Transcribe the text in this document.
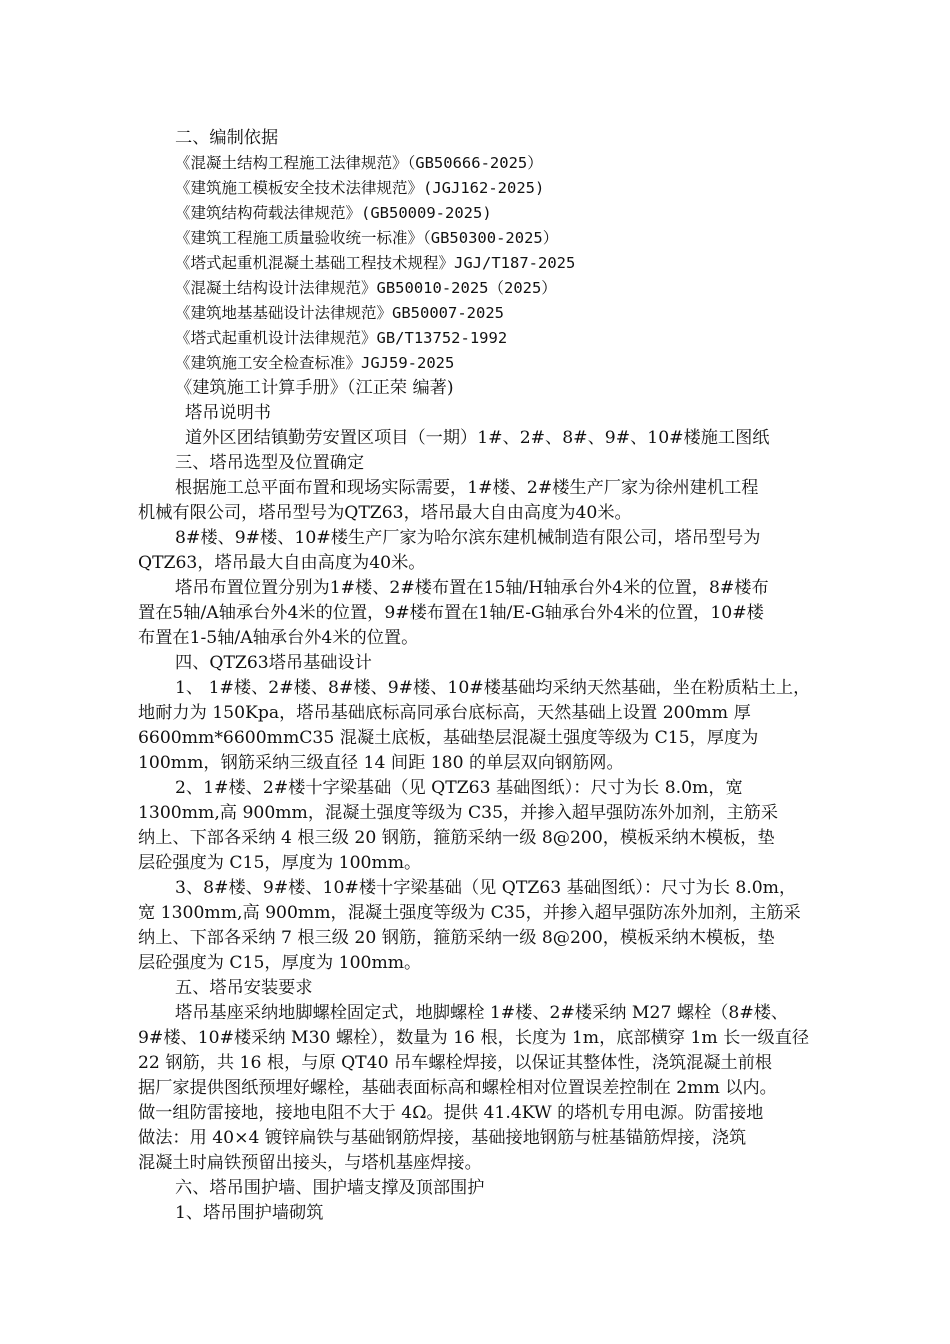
二、编制依据
《混凝土结构工程施工法律规范》（GB50666-2025）
《建筑施工模板安全技术法律规范》(JGJ162-2025)
《建筑结构荷载法律规范》(GB50009-2025)
《建筑工程施工质量验收统一标准》（GB50300-2025）
《塔式起重机混凝土基础工程技术规程》JGJ/T187-2025
《混凝土结构设计法律规范》GB50010-2025（2025）
《建筑地基基础设计法律规范》GB50007-2025
《塔式起重机设计法律规范》GB/T13752-1992
《建筑施工安全检查标准》JGJ59-2025
《建筑施工计算手册》（江正荣 编著)
塔吊说明书
道外区团结镇勤劳安置区项目（一期）1#、2#、8#、9#、10#楼施工图纸
三、塔吊选型及位置确定
根据施工总平面布置和现场实际需要，1#楼、2#楼生产厂家为徐州建机工程
机械有限公司，塔吊型号为QTZ63，塔吊最大自由高度为40米。
8#楼、9#楼、10#楼生产厂家为哈尔滨东建机械制造有限公司，塔吊型号为
QTZ63，塔吊最大自由高度为40米。
塔吊布置位置分别为1#楼、2#楼布置在15轴/H轴承台外4米的位置，8#楼布
置在5轴/A轴承台外4米的位置，9#楼布置在1轴/E-G轴承台外4米的位置，10#楼
布置在1-5轴/A轴承台外4米的位置。
四、QTZ63塔吊基础设计
1、 1#楼、2#楼、8#楼、9#楼、10#楼基础均采纳天然基础，坐在粉质粘土上，
地耐力为 150Kpa，塔吊基础底标高同承台底标高，天然基础上设置 200mm 厚
6600mm*6600mmC35 混凝土底板，基础垫层混凝土强度等级为 C15，厚度为
100mm，钢筋采纳三级直径 14 间距 180 的单层双向钢筋网。
2、1#楼、2#楼十字梁基础（见 QTZ63 基础图纸）：尺寸为长 8.0m，宽
1300mm,高 900mm，混凝土强度等级为 C35，并掺入超早强防冻外加剂，主筋采
纳上、下部各采纳 4 根三级 20 钢筋，箍筋采纳一级 8@200，模板采纳木模板，垫
层砼强度为 C15，厚度为 100mm。
3、8#楼、9#楼、10#楼十字梁基础（见 QTZ63 基础图纸）：尺寸为长 8.0m，
宽 1300mm,高 900mm，混凝土强度等级为 C35，并掺入超早强防冻外加剂，主筋采
纳上、下部各采纳 7 根三级 20 钢筋，箍筋采纳一级 8@200，模板采纳木模板，垫
层砼强度为 C15，厚度为 100mm。
五、塔吊安装要求
塔吊基座采纳地脚螺栓固定式，地脚螺栓 1#楼、2#楼采纳 M27 螺栓（8#楼、
9#楼、10#楼采纳 M30 螺栓），数量为 16 根，长度为 1m，底部横穿 1m 长一级直径
22 钢筋，共 16 根，与原 QT40 吊车螺栓焊接，以保证其整体性，浇筑混凝土前根
据厂家提供图纸预埋好螺栓，基础表面标高和螺栓相对位置误差控制在 2mm 以内。
做一组防雷接地，接地电阻不大于 4Ω。提供 41.4KW 的塔机专用电源。防雷接地
做法：用 40×4 镀锌扁铁与基础钢筋焊接，基础接地钢筋与桩基锚筋焊接，浇筑
混凝土时扁铁预留出接头，与塔机基座焊接。
六、塔吊围护墙、围护墙支撑及顶部围护
1、塔吊围护墙砌筑
